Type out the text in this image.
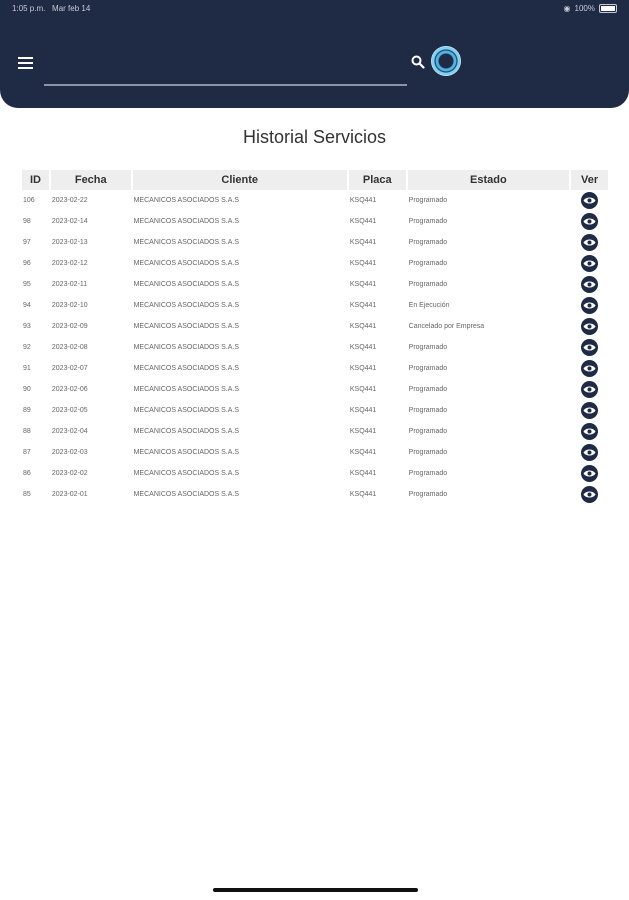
1:05 p.m. Mar feb 14	◉ 100%
Historial Servicios
ID	Fecha	Cliente	Placa	Estado	Ver
106	2023-02-22	MECANICOS ASOCIADOS S.A.S	KSQ441	Programado	

98	2023-02-14	MECANICOS ASOCIADOS S.A.S	KSQ441	Programado	

97	2023-02-13	MECANICOS ASOCIADOS S.A.S	KSQ441	Programado	

96	2023-02-12	MECANICOS ASOCIADOS S.A.S	KSQ441	Programado	

95	2023-02-11	MECANICOS ASOCIADOS S.A.S	KSQ441	Programado	

94	2023-02-10	MECANICOS ASOCIADOS S.A.S	KSQ441	En Ejecución	

93	2023-02-09	MECANICOS ASOCIADOS S.A.S	KSQ441	Cancelado por Empresa	

92	2023-02-08	MECANICOS ASOCIADOS S.A.S	KSQ441	Programado	

91	2023-02-07	MECANICOS ASOCIADOS S.A.S	KSQ441	Programado	

90	2023-02-06	MECANICOS ASOCIADOS S.A.S	KSQ441	Programado	

89	2023-02-05	MECANICOS ASOCIADOS S.A.S	KSQ441	Programado	

88	2023-02-04	MECANICOS ASOCIADOS S.A.S	KSQ441	Programado	

87	2023-02-03	MECANICOS ASOCIADOS S.A.S	KSQ441	Programado	

86	2023-02-02	MECANICOS ASOCIADOS S.A.S	KSQ441	Programado	

85	2023-02-01	MECANICOS ASOCIADOS S.A.S	KSQ441	Programado	
